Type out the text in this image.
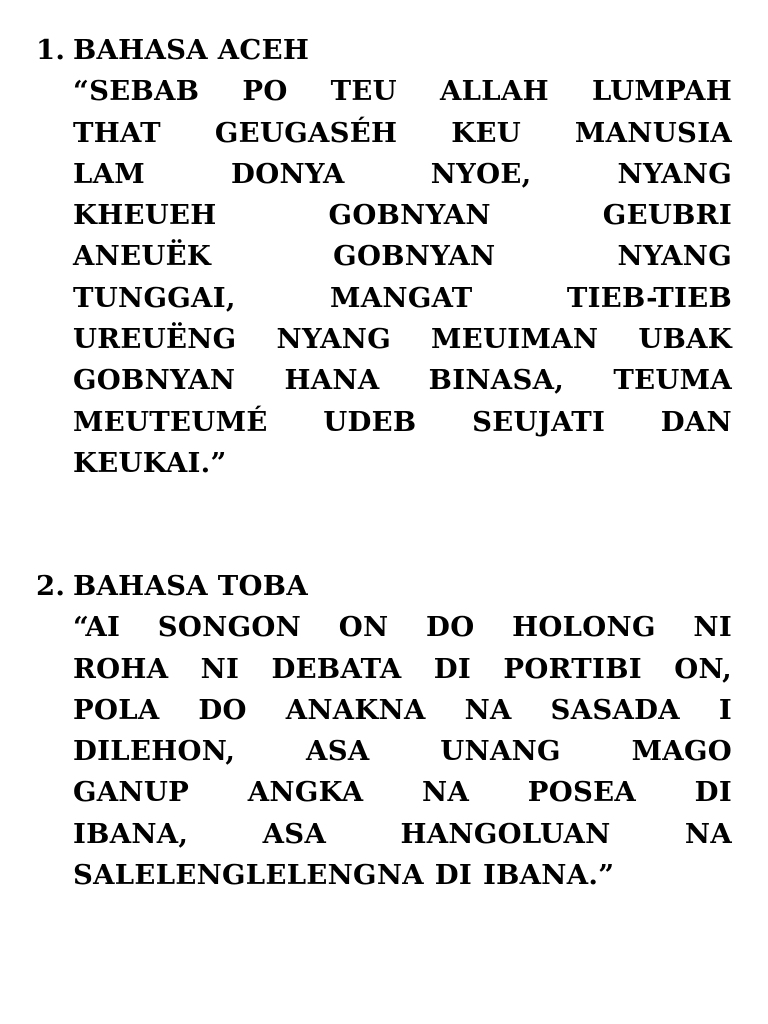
1. BAHASA ACEH
“SEBAB PO TEU ALLAH LUMPAH
THAT GEUGASÉH KEU MANUSIA
LAM DONYA NYOE, NYANG
KHEUEH GOBNYAN GEUBRI
ANEUËK GOBNYAN NYANG
TUNGGAI, MANGAT TIEB-TIEB
UREUËNG NYANG MEUIMAN UBAK
GOBNYAN HANA BINASA, TEUMA
MEUTEUMÉ UDEB SEUJATI DAN
KEUKAI.”
2. BAHASA TOBA
“AI SONGON ON DO HOLONG NI
ROHA NI DEBATA DI PORTIBI ON,
POLA DO ANAKNA NA SASADA I
DILEHON, ASA UNANG MAGO
GANUP ANGKA NA POSEA DI
IBANA, ASA HANGOLUAN NA
SALELENGLELENGNA DI IBANA.”
